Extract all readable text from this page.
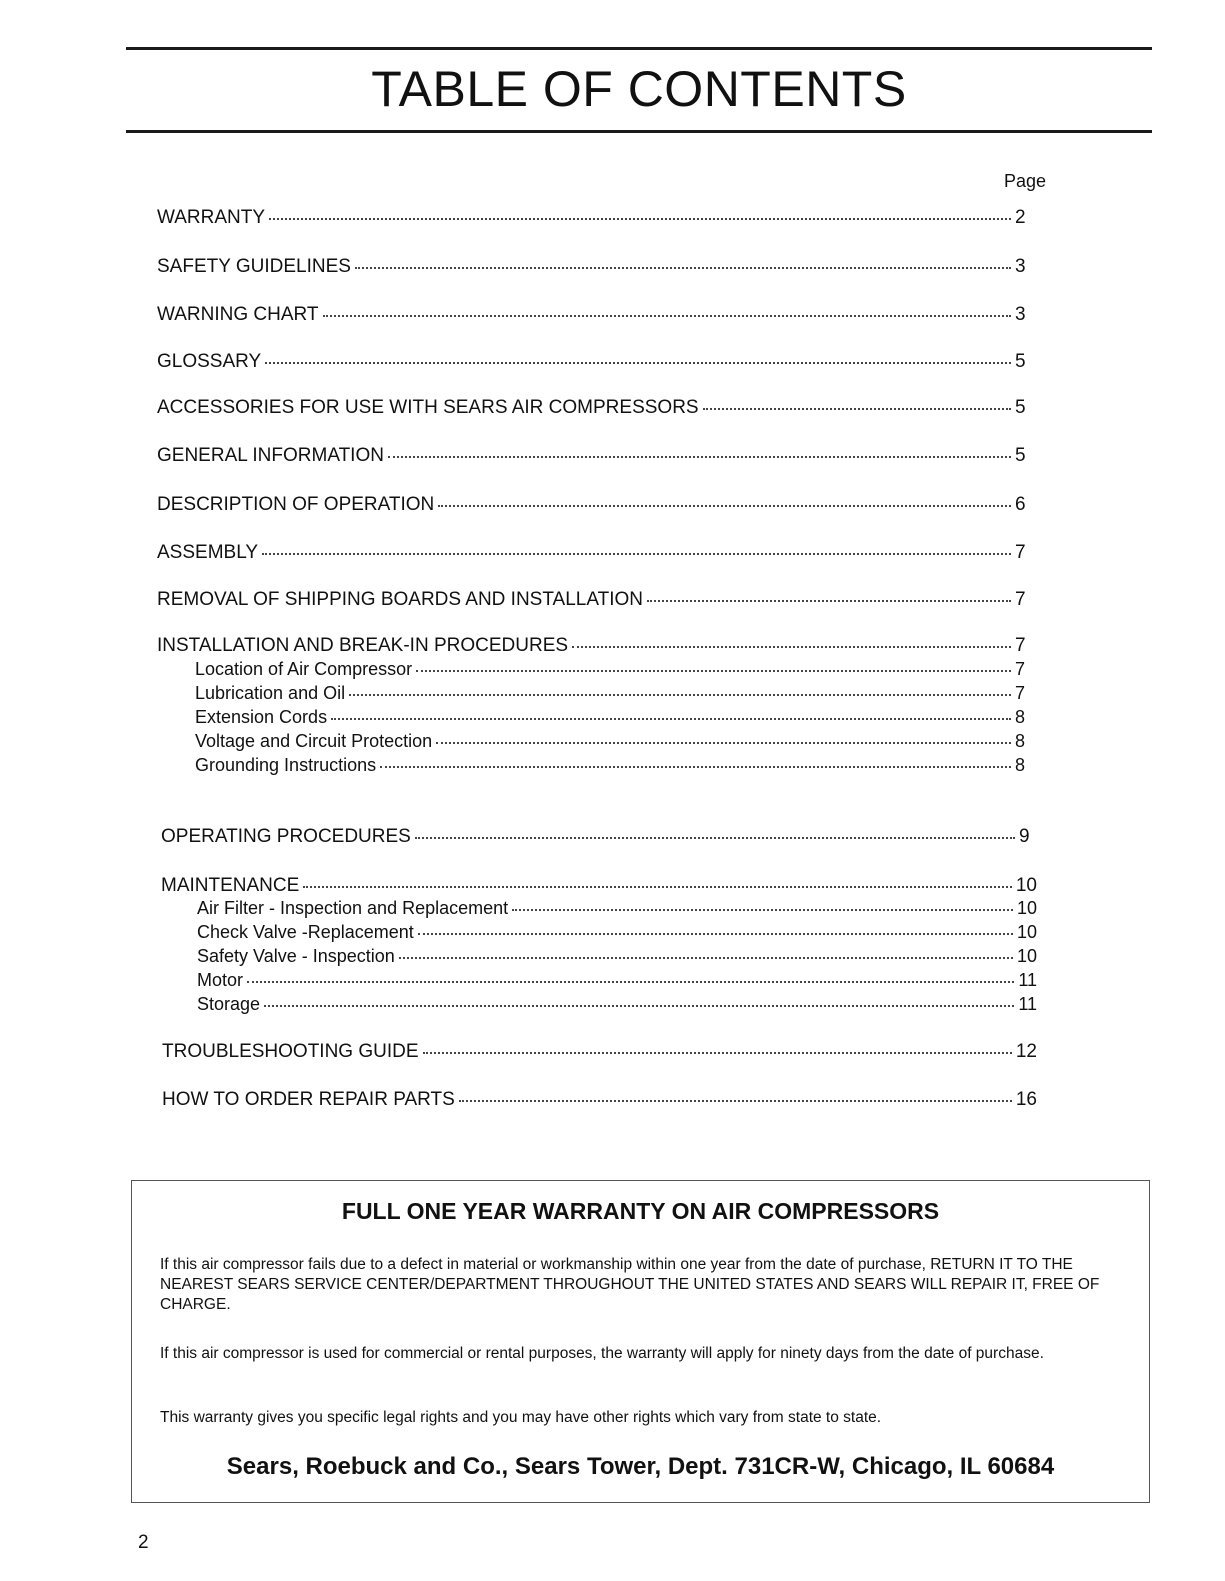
TABLE OF CONTENTS
Page
WARRANTY	2
SAFETY GUIDELINES	3
WARNING CHART	3
GLOSSARY	5
ACCESSORIES FOR USE WITH SEARS AIR COMPRESSORS	5
GENERAL INFORMATION	5
DESCRIPTION OF OPERATION	6
ASSEMBLY	7
REMOVAL OF SHIPPING BOARDS AND INSTALLATION	7
INSTALLATION AND BREAK-IN PROCEDURES	7
Location of Air Compressor	7
Lubrication and Oil	7
Extension Cords	8
Voltage and Circuit Protection	8
Grounding Instructions	8
OPERATING PROCEDURES	9
MAINTENANCE	10
Air Filter - Inspection and Replacement	10
Check Valve -Replacement	10
Safety Valve - Inspection	10
Motor	11
Storage	11
TROUBLESHOOTING GUIDE	12
HOW TO ORDER REPAIR PARTS	16
FULL ONE YEAR WARRANTY ON AIR COMPRESSORS

If this air compressor fails due to a defect in material or workmanship within one year from the date of purchase, RETURN IT TO THE NEAREST SEARS SERVICE CENTER/DEPARTMENT THROUGHOUT THE UNITED STATES AND SEARS WILL REPAIR IT, FREE OF CHARGE.

If this air compressor is used for commercial or rental purposes, the warranty will apply for ninety days from the date of purchase.

This warranty gives you specific legal rights and you may have other rights which vary from state to state.

Sears, Roebuck and Co., Sears Tower, Dept. 731CR-W, Chicago, IL 60684

2
